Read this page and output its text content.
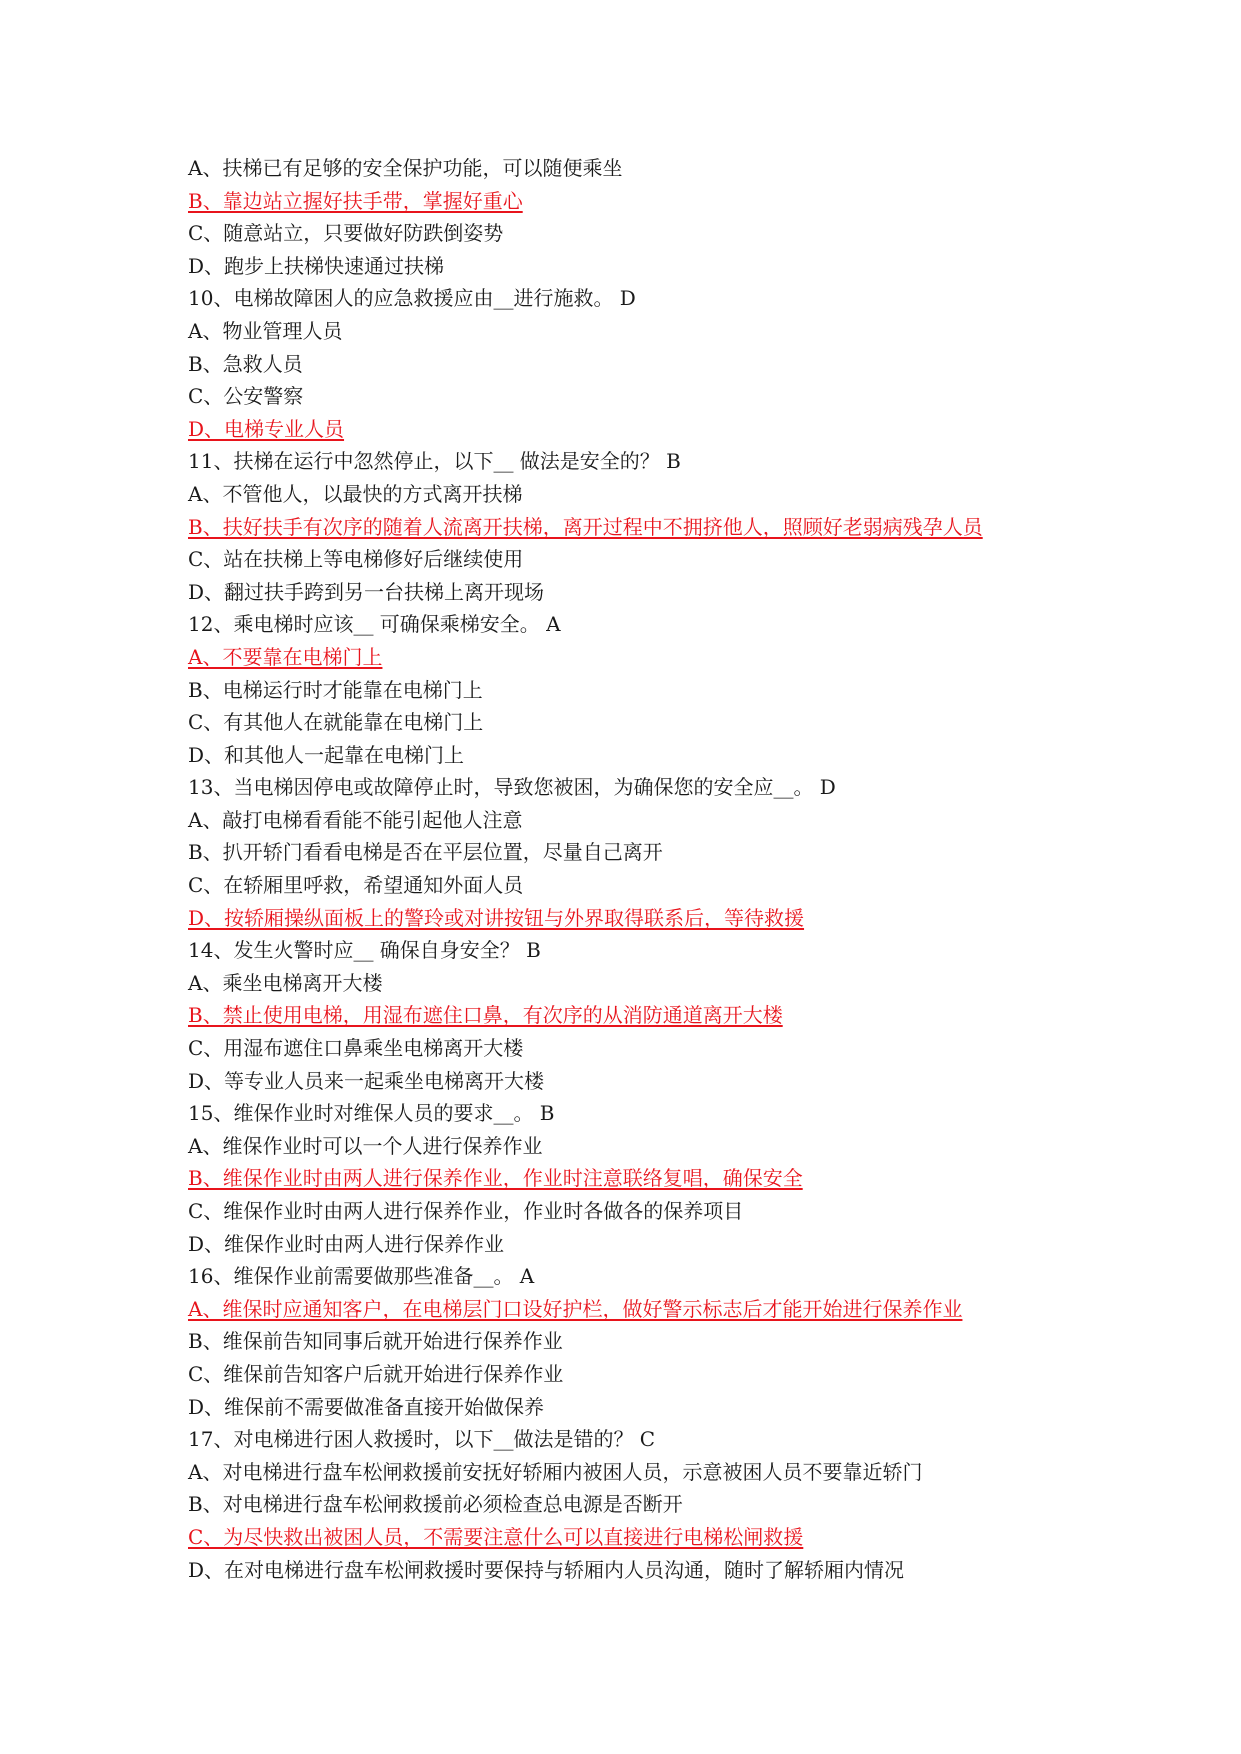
A、扶梯已有足够的安全保护功能，可以随便乘坐
B、靠边站立握好扶手带，掌握好重心
C、随意站立，只要做好防跌倒姿势
D、跑步上扶梯快速通过扶梯
10、电梯故障困人的应急救援应由__进行施救。 D
A、物业管理人员
B、急救人员
C、公安警察
D、电梯专业人员
11、扶梯在运行中忽然停止，以下__ 做法是安全的？ B
A、不管他人，以最快的方式离开扶梯
B、扶好扶手有次序的随着人流离开扶梯，离开过程中不拥挤他人，照顾好老弱病残孕人员
C、站在扶梯上等电梯修好后继续使用
D、翻过扶手跨到另一台扶梯上离开现场
12、乘电梯时应该__ 可确保乘梯安全。 A
A、不要靠在电梯门上
B、电梯运行时才能靠在电梯门上
C、有其他人在就能靠在电梯门上
D、和其他人一起靠在电梯门上
13、当电梯因停电或故障停止时，导致您被困，为确保您的安全应__。 D
A、敲打电梯看看能不能引起他人注意
B、扒开轿门看看电梯是否在平层位置，尽量自己离开
C、在轿厢里呼救，希望通知外面人员
D、按轿厢操纵面板上的警玲或对讲按钮与外界取得联系后，等待救援
14、发生火警时应__ 确保自身安全？ B
A、乘坐电梯离开大楼
B、禁止使用电梯，用湿布遮住口鼻，有次序的从消防通道离开大楼
C、用湿布遮住口鼻乘坐电梯离开大楼
D、等专业人员来一起乘坐电梯离开大楼
15、维保作业时对维保人员的要求__。 B
A、维保作业时可以一个人进行保养作业
B、维保作业时由两人进行保养作业，作业时注意联络复唱，确保安全
C、维保作业时由两人进行保养作业，作业时各做各的保养项目
D、维保作业时由两人进行保养作业
16、维保作业前需要做那些准备__。 A
A、维保时应通知客户，在电梯层门口设好护栏，做好警示标志后才能开始进行保养作业
B、维保前告知同事后就开始进行保养作业
C、维保前告知客户后就开始进行保养作业
D、维保前不需要做准备直接开始做保养
17、对电梯进行困人救援时，以下__做法是错的？ C
A、对电梯进行盘车松闸救援前安抚好轿厢内被困人员，示意被困人员不要靠近轿门
B、对电梯进行盘车松闸救援前必须检查总电源是否断开
C、为尽快救出被困人员，不需要注意什么可以直接进行电梯松闸救援
D、在对电梯进行盘车松闸救援时要保持与轿厢内人员沟通，随时了解轿厢内情况
